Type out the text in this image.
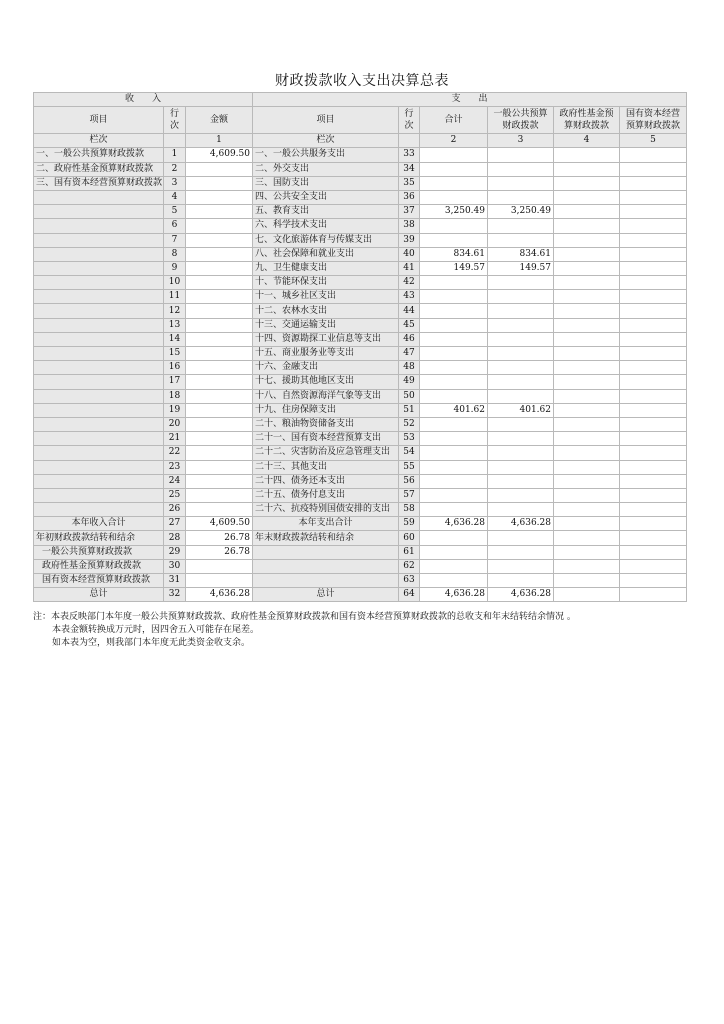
财政拨款收入支出决算总表
收　　入			支　　出					
项目	行次	金额	项目	行次	合计	一般公共预算财政拨款	政府性基金预算财政拨款	国有资本经营预算财政拨款
栏次		1	栏次		2	3	4	5
一、一般公共预算财政拨款	1	4,609.50	一、一般公共服务支出	33				
二、政府性基金预算财政拨款	2		二、外交支出	34				
三、国有资本经营预算财政拨款	3		三、国防支出	35				
	4		四、公共安全支出	36				
	5		五、教育支出	37	3,250.49	3,250.49		
	6		六、科学技术支出	38				
	7		七、文化旅游体育与传媒支出	39				
	8		八、社会保障和就业支出	40	834.61	834.61		
	9		九、卫生健康支出	41	149.57	149.57		
	10		十、节能环保支出	42				
	11		十一、城乡社区支出	43				
	12		十二、农林水支出	44				
	13		十三、交通运输支出	45				
	14		十四、资源勘探工业信息等支出	46				
	15		十五、商业服务业等支出	47				
	16		十六、金融支出	48				
	17		十七、援助其他地区支出	49				
	18		十八、自然资源海洋气象等支出	50				
	19		十九、住房保障支出	51	401.62	401.62		
	20		二十、粮油物资储备支出	52				
	21		二十一、国有资本经营预算支出	53				
	22		二十二、灾害防治及应急管理支出	54				
	23		二十三、其他支出	55				
	24		二十四、债务还本支出	56				
	25		二十五、债务付息支出	57				
	26		二十六、抗疫特别国债安排的支出	58				
本年收入合计	27	4,609.50	本年支出合计	59	4,636.28	4,636.28		
年初财政拨款结转和结余	28	26.78	年末财政拨款结转和结余	60				
一般公共预算财政拨款	29	26.78		61				
政府性基金预算财政拨款	30			62				
国有资本经营预算财政拨款	31			63				
总计	32	4,636.28	总计	64	4,636.28	4,636.28		
注：本表反映部门本年度一般公共预算财政拨款、政府性基金预算财政拨款和国有资本经营预算财政拨款的总收支和年末结转结余情况 。
本表金额转换成万元时，因四舍五入可能存在尾差。
如本表为空，则我部门本年度无此类资金收支余。
